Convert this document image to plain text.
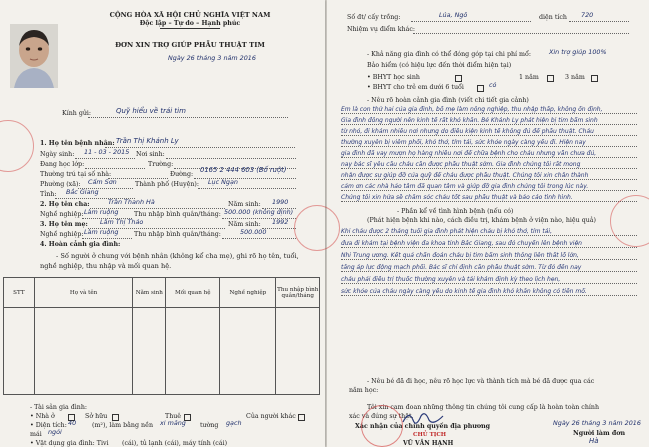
CỘNG HÒA XÃ HỘI CHỦ NGHĨA VIỆT NAM
Độc lập – Tự do – Hạnh phúc
ĐƠN XIN TRỢ GIÚP PHẪU THUẬT TIM
Ngày 26 tháng 3 năm 2016
Kính gửi:	Quỹ hiểu về trái tim
1. Họ tên bệnh nhân: Trần Thị Khánh Ly
Ngày sinh: 11 - 03 - 2015 Nơi sinh:
Đang học lớp:	Trường:
Thường trú tại số nhà:	Đường:
0165 2 444 603 (Bố ruột)
Phường (xã): Cấm Sơn	Thành phố (Huyện): Lục Ngạn
Tỉnh: Bắc Giang
2. Họ tên cha:	Trần Thanh Hà	Năm sinh: 1990
Nghề nghiệp: Làm ruộng Thu nhập bình quân/tháng: 500.000 (không định)
3. Họ tên mẹ: Lâm Thị Thảo	Năm sinh: 1992
Nghề nghiệp: Làm ruộng Thu nhập bình quân/tháng:	500.000
4. Hoàn cảnh gia đình:
- Số người ở chung với bệnh nhân (không kể cha mẹ), ghi rõ họ tên, tuổi,
nghề nghiệp, thu nhập và mối quan hệ.
STT	Họ và tên	Năm sinh	Mối quan hệ	Nghề nghiệp	Thu nhập bình quân/tháng

- Tài sản gia đình:
• Nhà ở	Sở hữu	Thuê	Của người khác
• Diện tích: 40	(m²), làm bằng nền xi măng tường gạch
mái ngói
• Vật dụng gia đình: Tivi (cái), tủ lạnh (cái), máy tính (cái)
Số đt/ cấy trồng:	Lúa, Ngô	diện tích 720
Nhiệm vụ điểm khác:
- Khả năng gia đình có thể đóng góp tại chi phí mổ:	Xin trợ giúp 100%
Bảo hiểm (có hiệu lực đến thời điểm hiện tại)
• BHYT học sinh	1 năm	3 năm
• BHYT cho trẻ em dưới 6 tuổi	có
- Nêu rõ hoàn cảnh gia đình (viết chi tiết gia cảnh)
Em là con thứ hai của gia đình, bố mẹ làm nông nghiệp, thu nhập thấp, không ổn định,
Gia đình đông người nên kinh tế rất khó khăn. Bé Khánh Ly phát hiện bị tim bẩm sinh
từ nhỏ, đi khám nhiều nơi nhưng do điều kiện kinh tế không đủ để phẫu thuật. Cháu
thường xuyên bị viêm phổi, khó thở, tím tái, sức khỏe ngày càng yếu đi. Hiện nay
gia đình đã vay mượn họ hàng nhiều nơi để chữa bệnh cho cháu nhưng vẫn chưa đủ,
nay bác sĩ yêu cầu cháu cần được phẫu thuật sớm. Gia đình chúng tôi rất mong
nhận được sự giúp đỡ của quỹ để cháu được phẫu thuật. Chúng tôi xin chân thành
cảm ơn các nhà hảo tâm đã quan tâm và giúp đỡ gia đình chúng tôi trong lúc này.
Chúng tôi xin hứa sẽ chăm sóc cháu tốt sau phẫu thuật và báo cáo tình hình.
- Phần kể về tình hình bệnh (nếu có)
(Phát hiện bệnh khi nào, cách điều trị, khám bệnh ở viện nào, hiệu quả)
Khi cháu được 2 tháng tuổi gia đình phát hiện cháu bị khó thở, tím tái,
đưa đi khám tại bệnh viện đa khoa tỉnh Bắc Giang, sau đó chuyển lên bệnh viện
Nhi Trung ương. Kết quả chẩn đoán cháu bị tim bẩm sinh thông liên thất lỗ lớn,
tăng áp lực động mạch phổi. Bác sĩ chỉ định cần phẫu thuật sớm. Từ đó đến nay
cháu phải điều trị thuốc thường xuyên và tái khám định kỳ theo lịch hẹn,
sức khỏe của cháu ngày càng yếu do kinh tế gia đình khó khăn không có tiền mổ.
- Nêu bé đã đi học, nêu rõ học lực và thành tích mà bé đã được qua các
năm học:
Tôi xin cam đoan những thông tin chúng tôi cung cấp là hoàn toàn chính
xác và đúng sự thật.
Xác nhận của chính quyền địa phương	Ngày 26 tháng 3 năm 2016
Người làm đơn
Hà
CHỦ TỊCH
VŨ VĂN HẠNH
